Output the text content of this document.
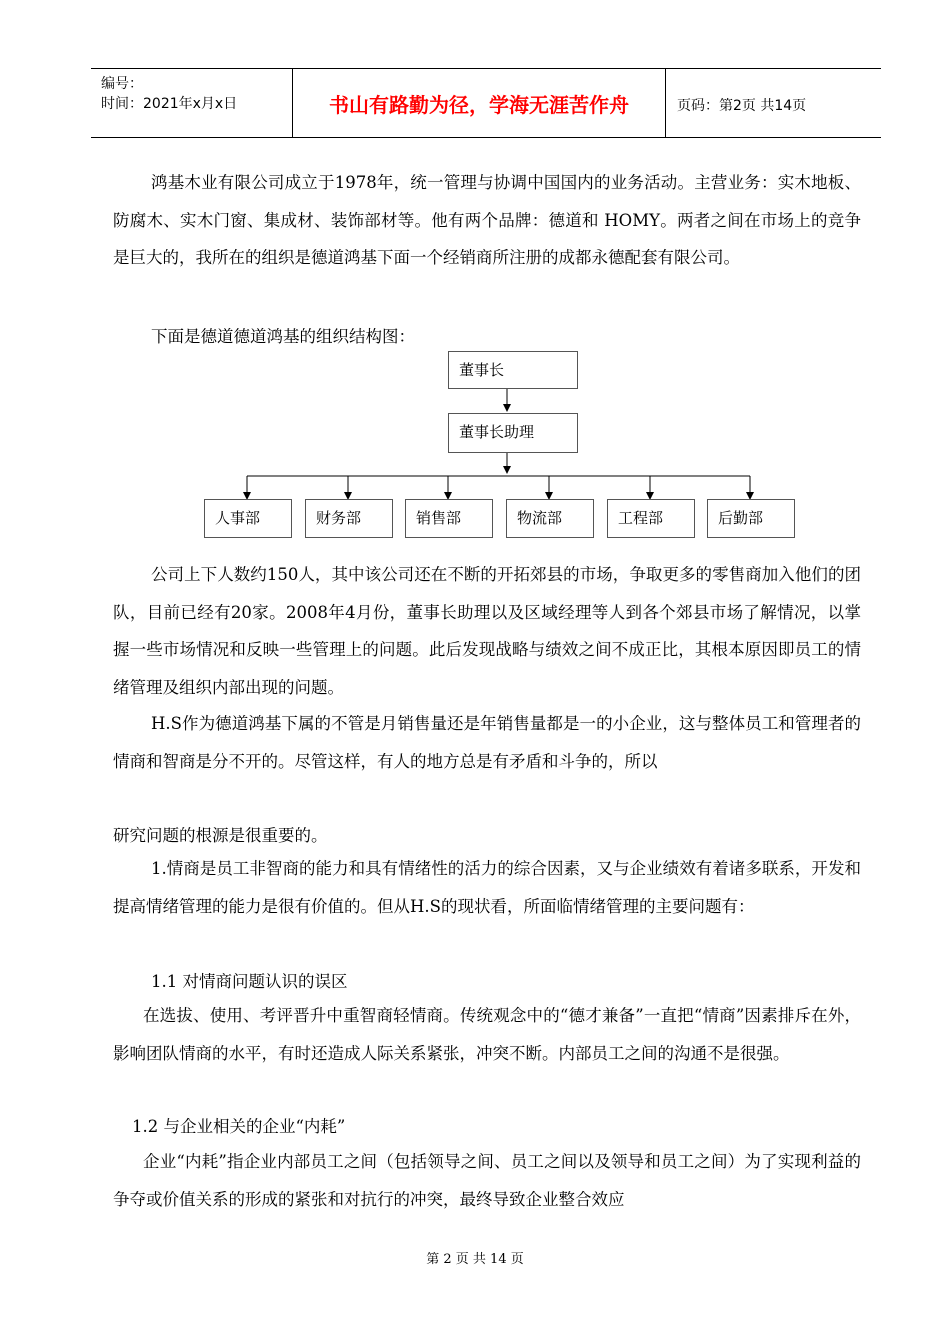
编号：
时间：2021年x月x日	书山有路勤为径，学海无涯苦作舟	页码：第2页 共14页

鸿基木业有限公司成立于1978年，统一管理与协调中国国内的业务活动。主营业务：实木地板、防腐木、实木门窗、集成材、装饰部材等。他有两个品牌：德道和 HOMY。两者之间在市场上的竞争是巨大的，我所在的组织是德道鸿基下面一个经销商所注册的成都永德配套有限公司。

下面是德道德道鸿基的组织结构图：

董事长
董事长助理
人事部	财务部	销售部	物流部	工程部	后勤部

公司上下人数约150人，其中该公司还在不断的开拓郊县的市场，争取更多的零售商加入他们的团队，目前已经有20家。2008年4月份，董事长助理以及区域经理等人到各个郊县市场了解情况，以掌握一些市场情况和反映一些管理上的问题。此后发现战略与绩效之间不成正比，其根本原因即员工的情绪管理及组织内部出现的问题。

H.S作为德道鸿基下属的不管是月销售量还是年销售量都是一的小企业，这与整体员工和管理者的情商和智商是分不开的。尽管这样，有人的地方总是有矛盾和斗争的，所以

研究问题的根源是很重要的。

1.情商是员工非智商的能力和具有情绪性的活力的综合因素，又与企业绩效有着诸多联系，开发和提高情绪管理的能力是很有价值的。但从H.S的现状看，所面临情绪管理的主要问题有：

1.1 对情商问题认识的误区

在选拔、使用、考评晋升中重智商轻情商。传统观念中的“德才兼备”一直把“情商”因素排斥在外，影响团队情商的水平，有时还造成人际关系紧张，冲突不断。内部员工之间的沟通不是很强。

1.2 与企业相关的企业“内耗”

企业“内耗”指企业内部员工之间（包括领导之间、员工之间以及领导和员工之间）为了实现利益的争夺或价值关系的形成的紧张和对抗行的冲突，最终导致企业整合效应

第 2 页 共 14 页
